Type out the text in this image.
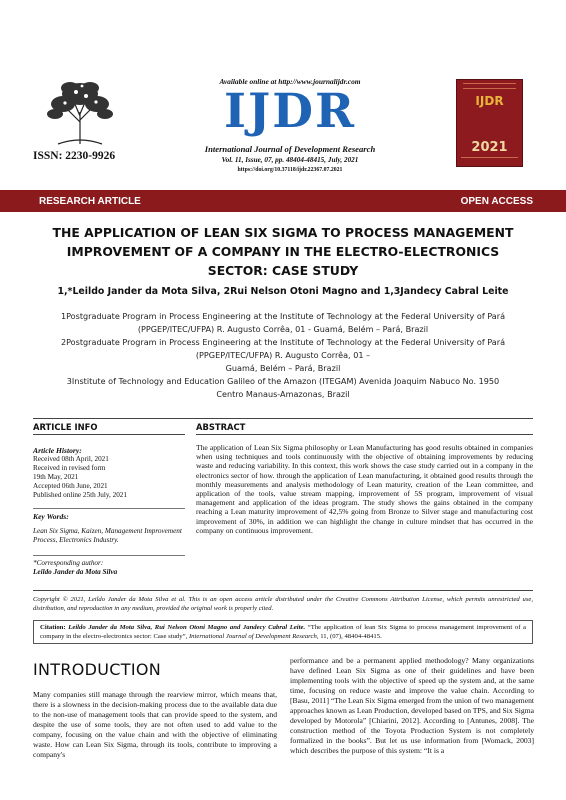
ISSN: 2230-9926
Available online at http://www.journalijdr.com
IJDR
International Journal of Development Research
Vol. 11, Issue, 07, pp. 48404-48415, July, 2021
https://doi.org/10.37118/ijdr.22367.07.2021
IJDR
2021
RESEARCH ARTICLE	OPEN ACCESS
THE APPLICATION OF LEAN SIX SIGMA TO PROCESS MANAGEMENT IMPROVEMENT OF A COMPANY IN THE ELECTRO-ELECTRONICS SECTOR: CASE STUDY
1,*Leildo Jander da Mota Silva, 2Rui Nelson Otoni Magno and 1,3Jandecy Cabral Leite
1Postgraduate Program in Process Engineering at the Institute of Technology at the Federal University of Pará
(PPGEP/ITEC/UFPA) R. Augusto Corrêa, 01 - Guamá, Belém – Pará, Brazil
2Postgraduate Program in Process Engineering at the Institute of Technology at the Federal University of Pará
(PPGEP/ITEC/UFPA) R. Augusto Corrêa, 01 –
Guamá, Belém – Pará, Brazil
3Institute of Technology and Education Galileo of the Amazon (ITEGAM) Avenida Joaquim Nabuco No. 1950
Centro Manaus-Amazonas, Brazil
ARTICLE INFO	ABSTRACT
Article History:
Received 08th April, 2021
Received in revised form
19th May, 2021
Accepted 06th June, 2021
Published online 25th July, 2021
Key Words:
Lean Six Sigma, Kaizen, Management Improvement Process, Electronics Industry.
*Corresponding author:
Leildo Jander da Mota Silva
The application of Lean Six Sigma philosophy or Lean Manufacturing has good results obtained in companies when using techniques and tools continuously with the objective of obtaining improvements by reducing waste and reducing variability. In this context, this work shows the case study carried out in a company in the electronics sector of how. through the application of Lean manufacturing, it obtained good results through the monthly measurements and analysis methodology of Lean maturity, creation of the Lean committee, and application of the tools, value stream mapping, improvement of 5S program, improvement of visual management and application of the ideas program. The study shows the gains obtained in the company reaching a Lean maturity improvement of 42,5% going from Bronze to Silver stage and manufacturing cost improvement of 30%, in addition we can highlight the change in culture mindset that has occurred in the company on continuous improvement.
Copyright © 2021, Leildo Jander da Mota Silva et al. This is an open access article distributed under the Creative Commons Attribution License, which permits unrestricted use, distribution, and reproduction in any medium, provided the original work is properly cited.
Citation: Leildo Jander da Mota Silva, Rui Nelson Otoni Magno and Jandecy Cabral Leite. “The application of lean Six Sigma to process management improvement of a company in the electro-electronics sector: Case study”, International Journal of Development Research, 11, (07), 48404-48415.
INTRODUCTION
Many companies still manage through the rearview mirror, which means that, there is a slowness in the decision-making process due to the available data due to the non-use of management tools that can provide speed to the system, and despite the use of some tools, they are not often used to add value to the company, focusing on the value chain and with the objective of eliminating waste. How can Lean Six Sigma, through its tools, contribute to improving a company's
performance and be a permanent applied methodology? Many organizations have defined Lean Six Sigma as one of their guidelines and have been implementing tools with the objective of speed up the system and, at the same time, focusing on reduce waste and improve the value chain. According to [Basu, 2011] “The Lean Six Sigma emerged from the union of two management approaches known as Lean Production, developed based on TPS, and Six Sigma developed by Motorola” [Chiarini, 2012]. According to [Antunes, 2008]. The construction method of the Toyota Production System is not completely formalized in the books”. But let us use information from [Womack, 2003] which describes the purpose of this system: “It is a
